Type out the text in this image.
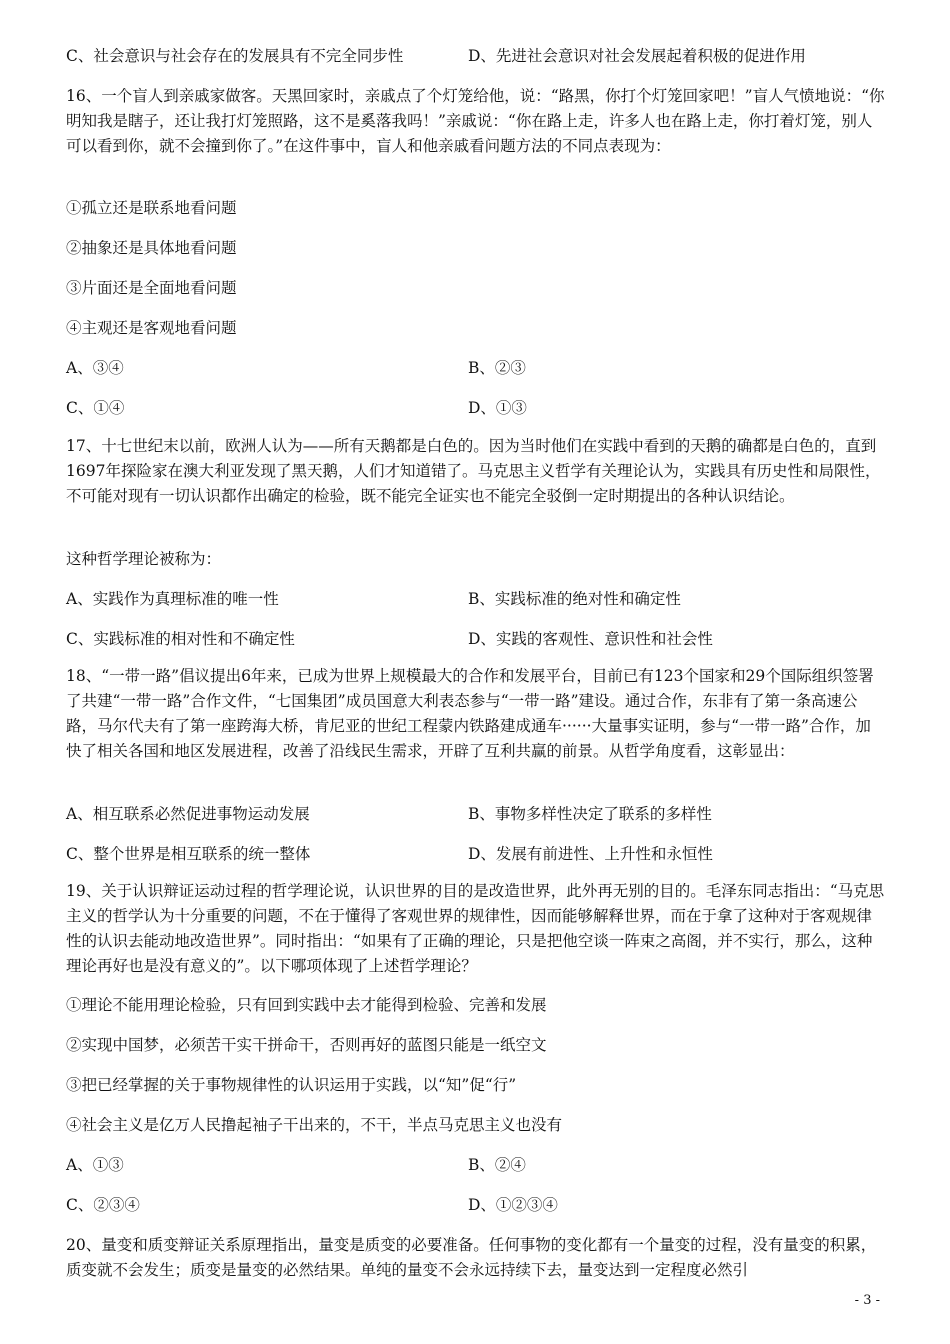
C、社会意识与社会存在的发展具有不完全同步性	D、先进社会意识对社会发展起着积极的促进作用
16、一个盲人到亲戚家做客。天黑回家时，亲戚点了个灯笼给他，说：“路黑，你打个灯笼回家吧！”盲人气愤地说：“你明知我是瞎子，还让我打灯笼照路，这不是奚落我吗！”亲戚说：“你在路上走，许多人也在路上走，你打着灯笼，别人可以看到你，就不会撞到你了。”在这件事中，盲人和他亲戚看问题方法的不同点表现为：
①孤立还是联系地看问题
②抽象还是具体地看问题
③片面还是全面地看问题
④主观还是客观地看问题
A、③④	B、②③
C、①④	D、①③
17、十七世纪末以前，欧洲人认为——所有天鹅都是白色的。因为当时他们在实践中看到的天鹅的确都是白色的，直到1697年探险家在澳大利亚发现了黑天鹅，人们才知道错了。马克思主义哲学有关理论认为，实践具有历史性和局限性，不可能对现有一切认识都作出确定的检验，既不能完全证实也不能完全驳倒一定时期提出的各种认识结论。
这种哲学理论被称为：
A、实践作为真理标准的唯一性	B、实践标准的绝对性和确定性
C、实践标准的相对性和不确定性	D、实践的客观性、意识性和社会性
18、“一带一路”倡议提出6年来，已成为世界上规模最大的合作和发展平台，目前已有123个国家和29个国际组织签署了共建“一带一路”合作文件，“七国集团”成员国意大利表态参与“一带一路”建设。通过合作，东非有了第一条高速公路，马尔代夫有了第一座跨海大桥，肯尼亚的世纪工程蒙内铁路建成通车······大量事实证明，参与“一带一路”合作，加快了相关各国和地区发展进程，改善了沿线民生需求，开辟了互利共赢的前景。从哲学角度看，这彰显出：
A、相互联系必然促进事物运动发展	B、事物多样性决定了联系的多样性
C、整个世界是相互联系的统一整体	D、发展有前进性、上升性和永恒性
19、关于认识辩证运动过程的哲学理论说，认识世界的目的是改造世界，此外再无别的目的。毛泽东同志指出：“马克思主义的哲学认为十分重要的问题，不在于懂得了客观世界的规律性，因而能够解释世界，而在于拿了这种对于客观规律性的认识去能动地改造世界”。同时指出：“如果有了正确的理论，只是把他空谈一阵束之高阁，并不实行，那么，这种理论再好也是没有意义的”。以下哪项体现了上述哲学理论？
①理论不能用理论检验，只有回到实践中去才能得到检验、完善和发展
②实现中国梦，必须苦干实干拼命干，否则再好的蓝图只能是一纸空文
③把已经掌握的关于事物规律性的认识运用于实践，以“知”促“行”
④社会主义是亿万人民撸起袖子干出来的，不干，半点马克思主义也没有
A、①③	B、②④
C、②③④	D、①②③④
20、量变和质变辩证关系原理指出，量变是质变的必要准备。任何事物的变化都有一个量变的过程，没有量变的积累，质变就不会发生；质变是量变的必然结果。单纯的量变不会永远持续下去，量变达到一定程度必然引
- 3 -
